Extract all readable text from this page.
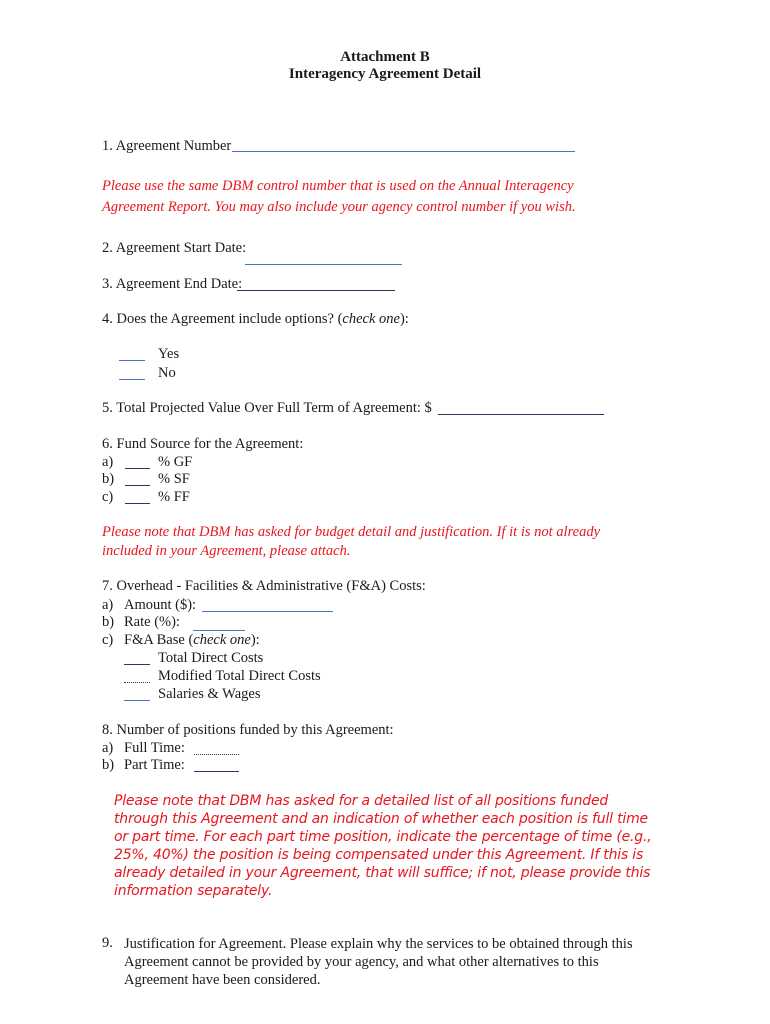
Attachment B
Interagency Agreement Detail
1. Agreement Number
Please use the same DBM control number that is used on the Annual Interagency Agreement Report. You may also include your agency control number if you wish.
2. Agreement Start Date:
3. Agreement End Date:
4. Does the Agreement include options? (check one):
Yes
No
5. Total Projected Value Over Full Term of Agreement: $
6. Fund Source for the Agreement:
a)	% GF
b)	% SF
c)	% FF
Please note that DBM has asked for budget detail and justification. If it is not already included in your Agreement, please attach.
7. Overhead - Facilities & Administrative (F&A) Costs:
a) Amount ($):
b) Rate (%):
c) F&A Base (check one):
Total Direct Costs
Modified Total Direct Costs
Salaries & Wages
8. Number of positions funded by this Agreement:
a) Full Time:
b) Part Time:
Please note that DBM has asked for a detailed list of all positions funded through this Agreement and an indication of whether each position is full time or part time. For each part time position, indicate the percentage of time (e.g., 25%, 40%) the position is being compensated under this Agreement. If this is already detailed in your Agreement, that will suffice; if not, please provide this information separately.
9. Justification for Agreement. Please explain why the services to be obtained through this Agreement cannot be provided by your agency, and what other alternatives to this Agreement have been considered.
